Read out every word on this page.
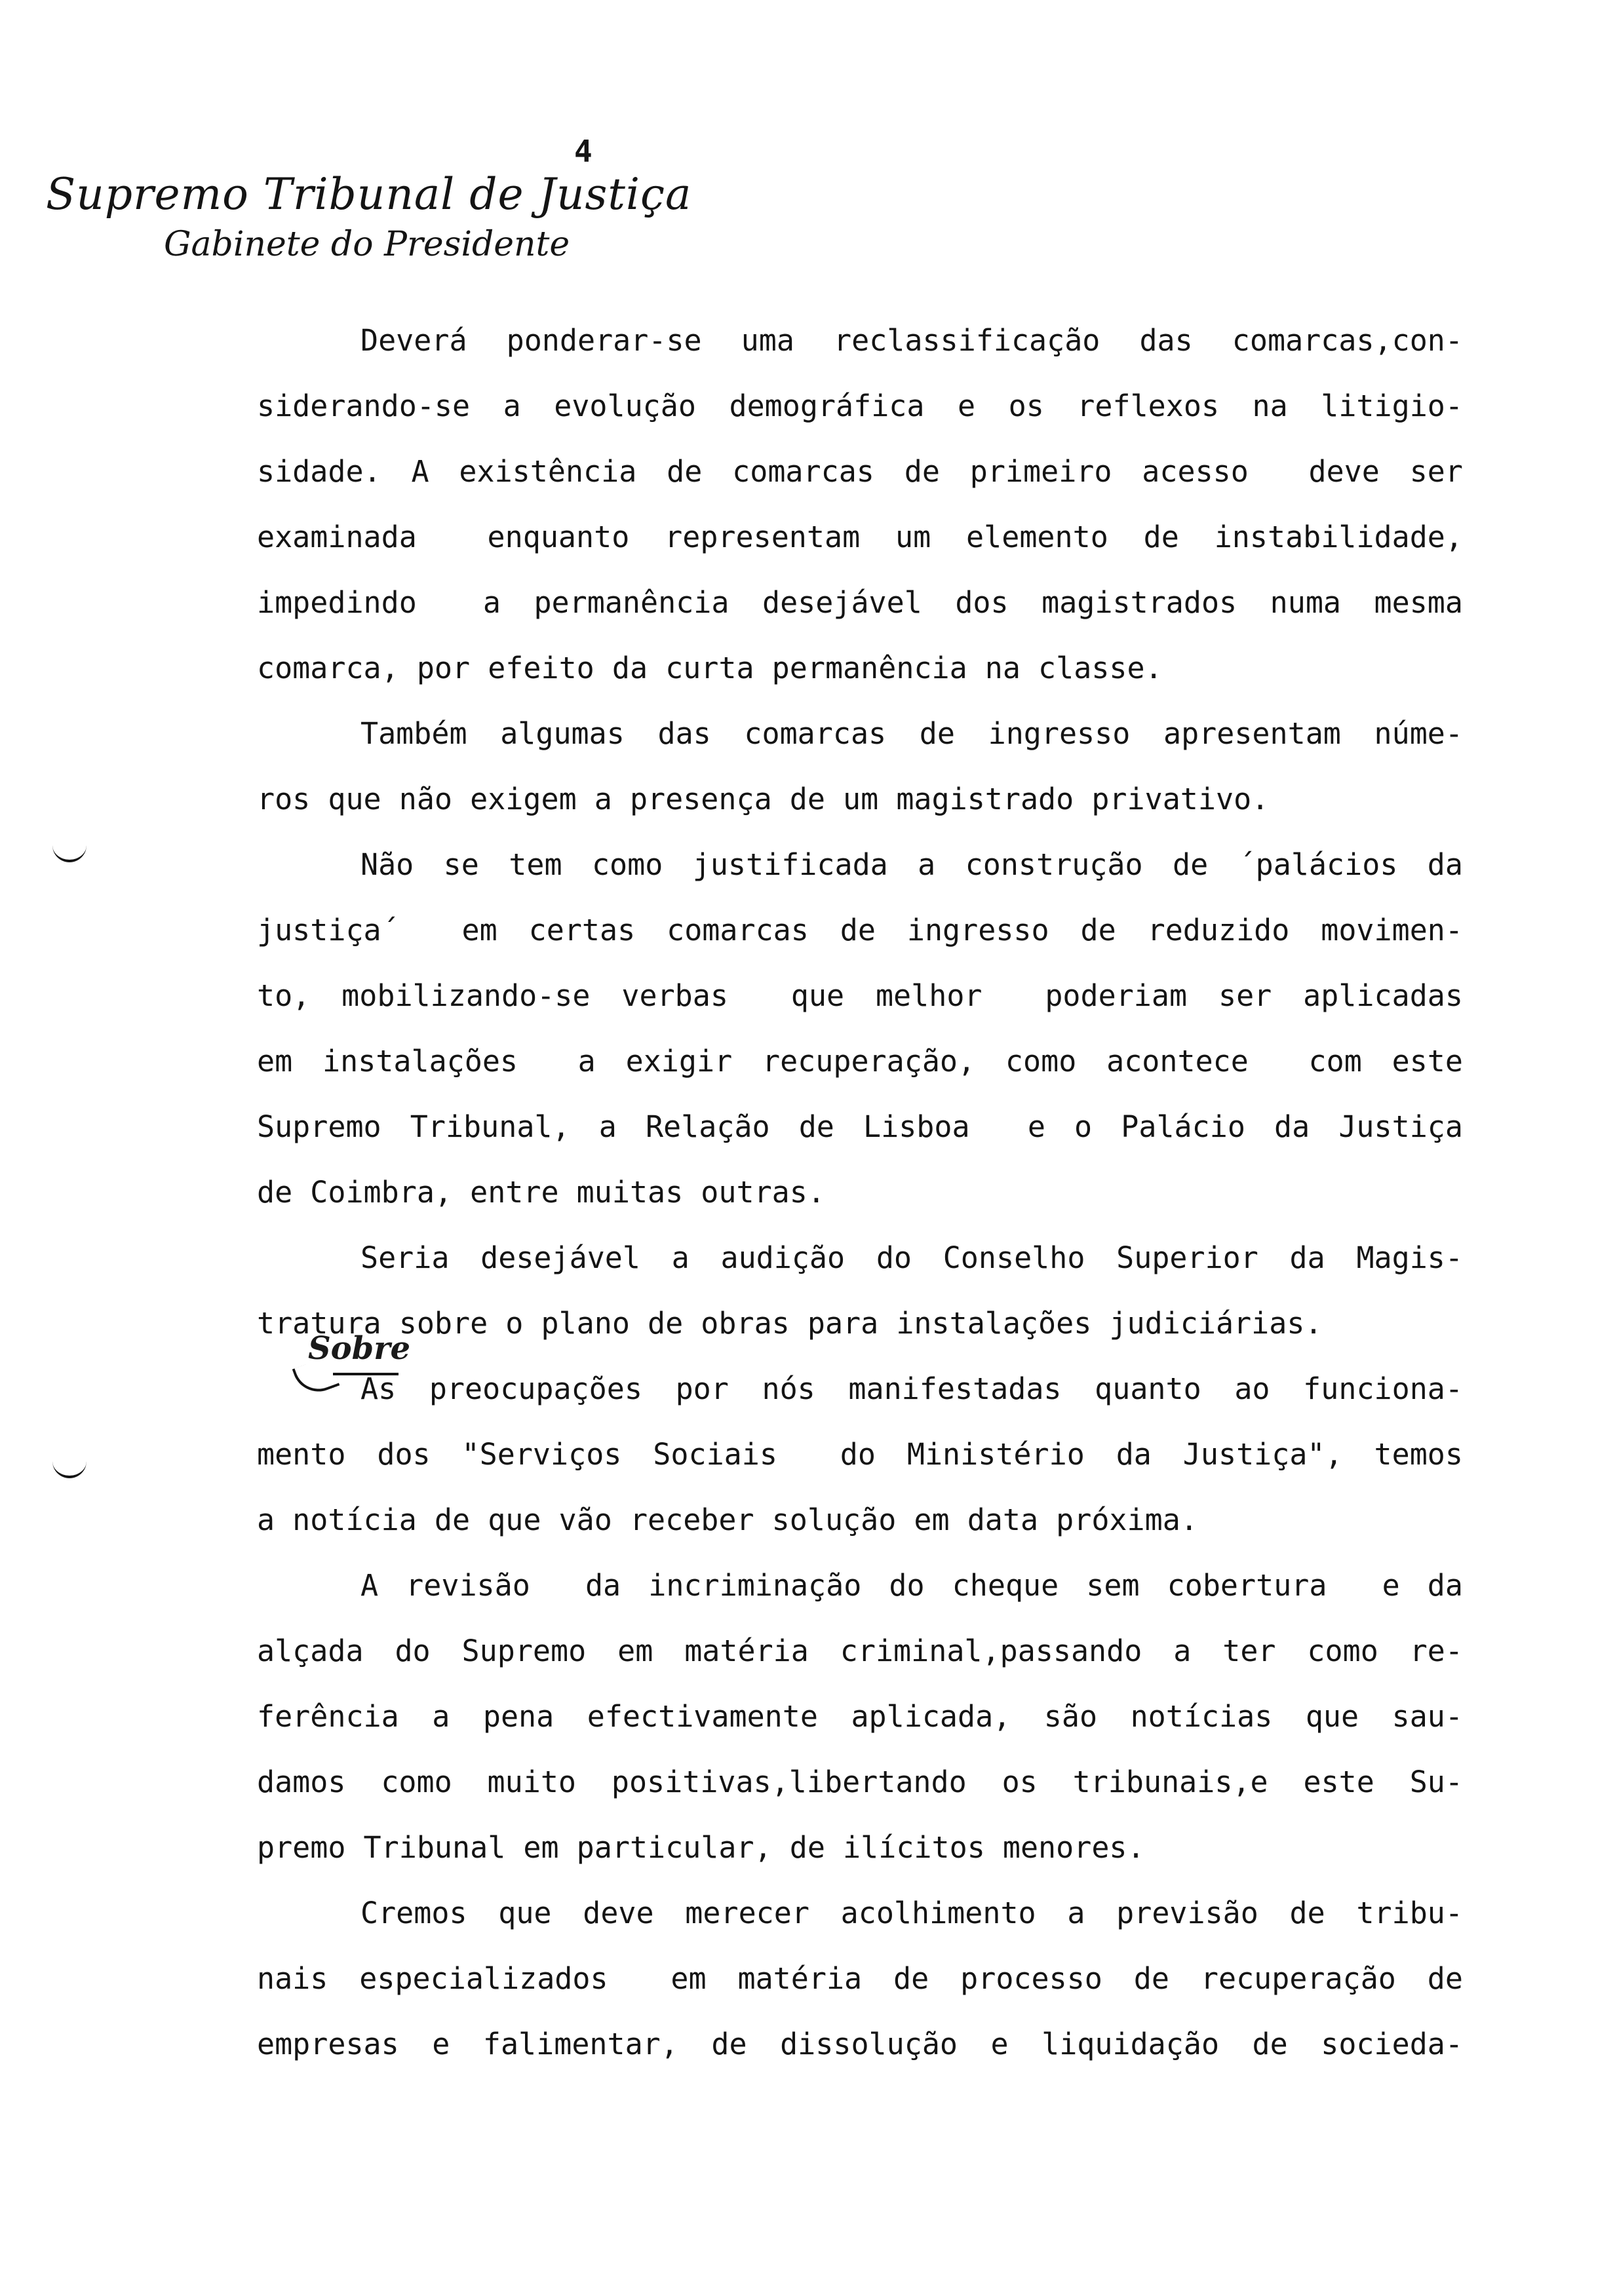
4
Supremo Tribunal de Justiça
Gabinete do Presidente
Sobre
Deverá ponderar-se uma reclassificação das comarcas,con-
siderando-se a evolução demográfica e os reflexos na litigio-
sidade. A existência de comarcas de primeiro acesso  deve ser
examinada  enquanto representam um elemento de instabilidade,
impedindo  a permanência desejável dos magistrados numa mesma
comarca, por efeito da curta permanência na classe.
Também algumas das comarcas de ingresso apresentam núme-
ros que não exigem a presença de um magistrado privativo.
Não se tem como justificada a construção de ´palácios da
justiça´  em certas comarcas de ingresso de reduzido movimen-
to, mobilizando-se verbas  que melhor  poderiam ser aplicadas
em instalações  a exigir recuperação, como acontece  com este
Supremo Tribunal, a Relação de Lisboa  e o Palácio da Justiça
de Coimbra, entre muitas outras.
Seria desejável a audição do Conselho Superior da Magis-
tratura sobre o plano de obras para instalações judiciárias.
As preocupações por nós manifestadas quanto ao funciona-
mento dos "Serviços Sociais  do Ministério da Justiça", temos
a notícia de que vão receber solução em data próxima.
A revisão  da incriminação do cheque sem cobertura  e da
alçada do Supremo em matéria criminal,passando a ter como re-
ferência a pena efectivamente aplicada, são notícias que sau-
damos como muito positivas,libertando os tribunais,e este Su-
premo Tribunal em particular, de ilícitos menores.
Cremos que deve merecer acolhimento a previsão de tribu-
nais especializados  em matéria de processo de recuperação de
empresas e falimentar, de dissolução e liquidação de socieda-
